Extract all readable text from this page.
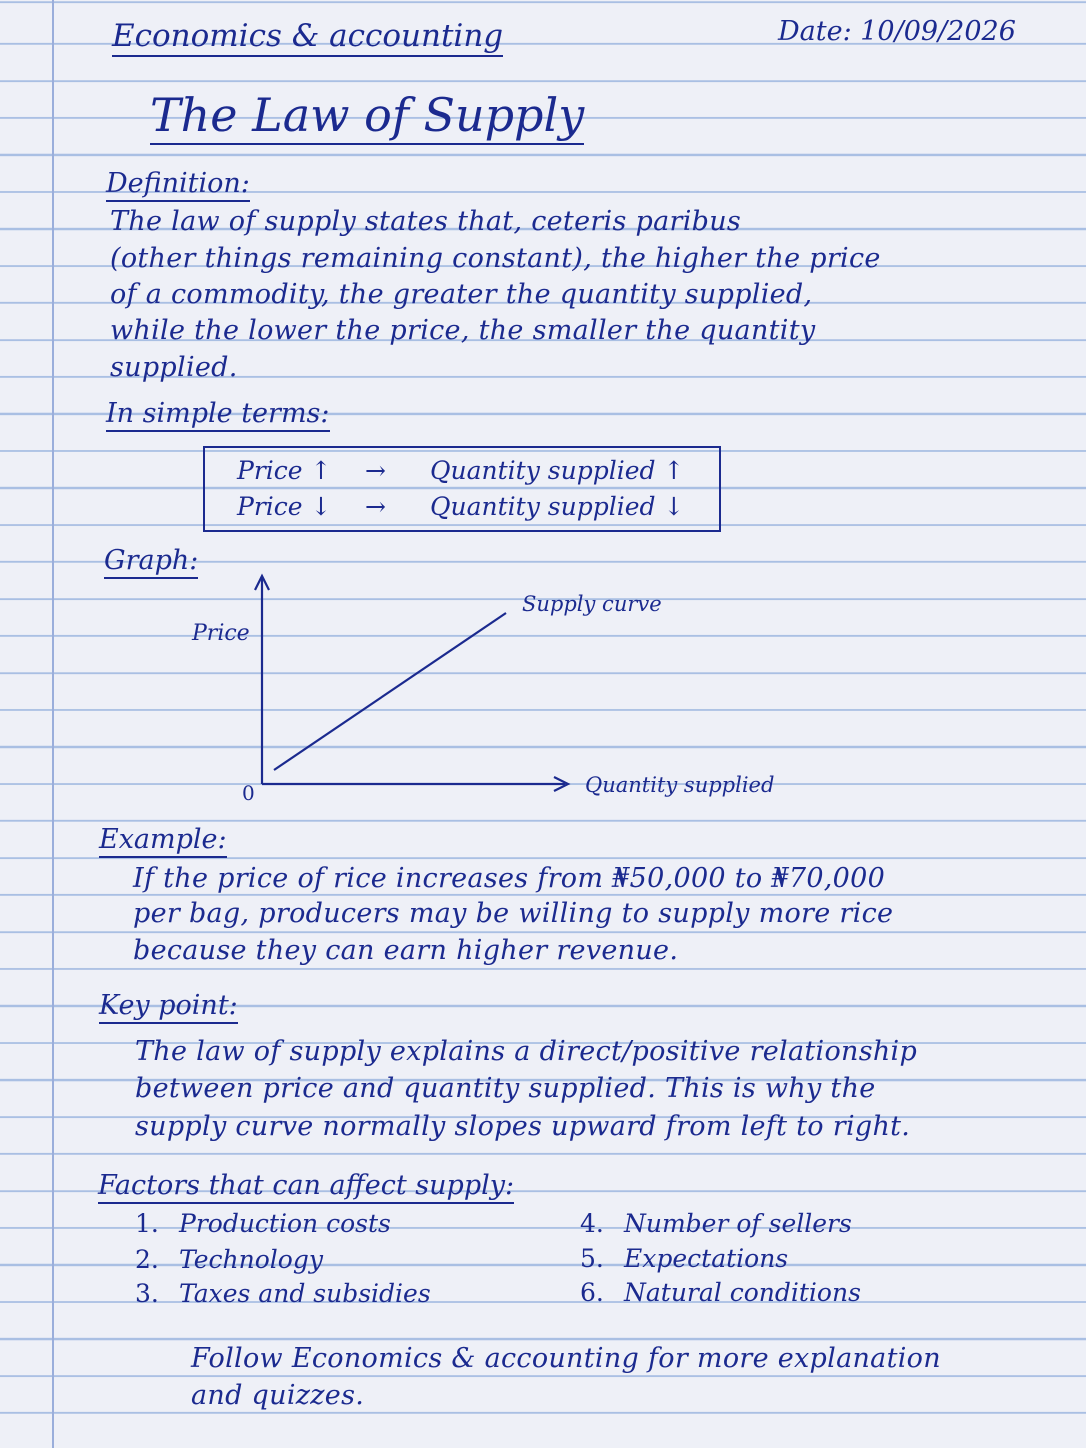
Economics & accounting	Date: 10/09/2026
The Law of Supply
Definition:
The law of supply states that, ceteris paribus
(other things remaining constant), the higher the price
of a commodity, the greater the quantity supplied,
while the lower the price, the smaller the quantity
supplied.
In simple terms:
Price ↑ → Quantity supplied ↑
Price ↓ → Quantity supplied ↓
Graph:
Price
0	Quantity supplied
Supply curve
Example:
If the price of rice increases from ₦50,000 to ₦70,000
per bag, producers may be willing to supply more rice
because they can earn higher revenue.
Key point:
The law of supply explains a direct/positive relationship
between price and quantity supplied. This is why the
supply curve normally slopes upward from left to right.
Factors that can affect supply:
1. Production costs
2. Technology
3. Taxes and subsidies
4. Number of sellers
5. Expectations
6. Natural conditions
Follow Economics & accounting for more explanation
and quizzes.
